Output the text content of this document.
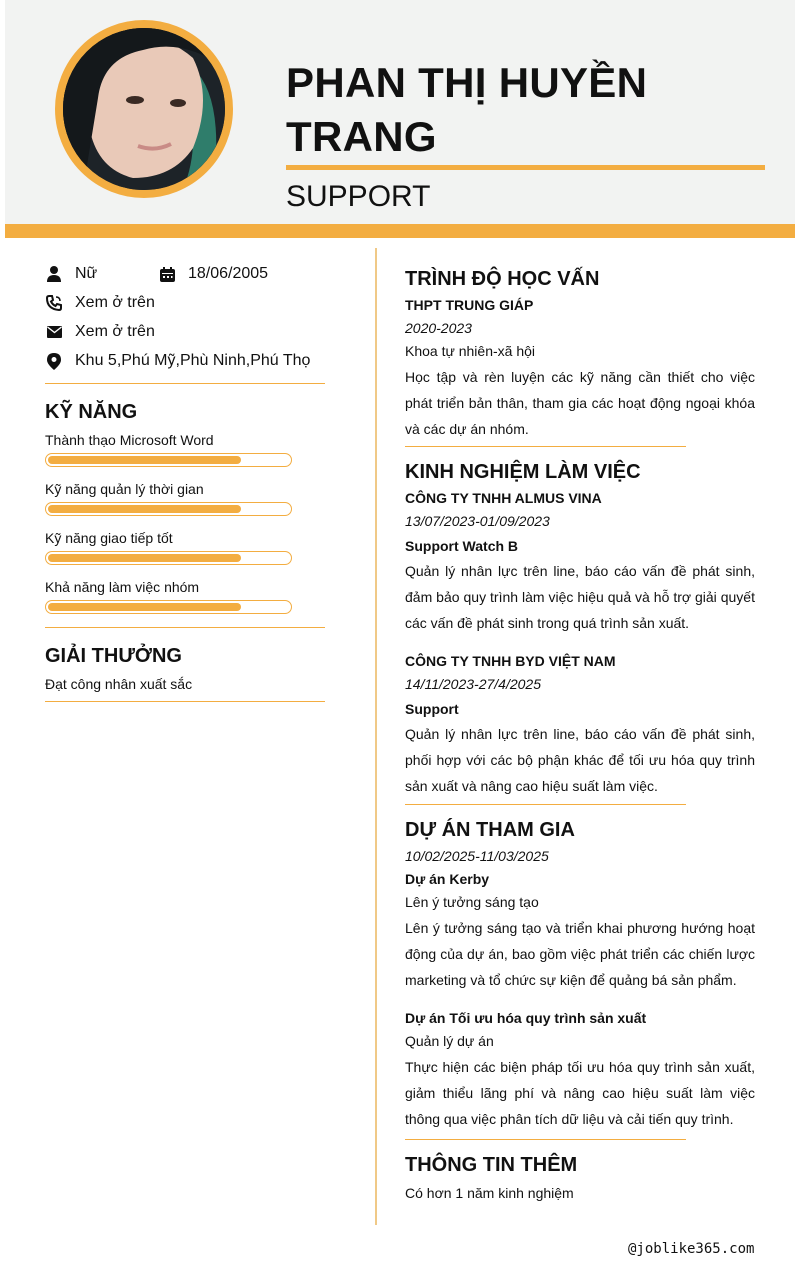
PHAN THỊ HUYỀN TRANG
SUPPORT
Nữ	18/06/2005
Xem ở trên
Xem ở trên
Khu 5,Phú Mỹ,Phù Ninh,Phú Thọ
KỸ NĂNG
Thành thạo Microsoft Word
Kỹ năng quản lý thời gian
Kỹ năng giao tiếp tốt
Khả năng làm việc nhóm
GIẢI THƯỞNG
Đạt công nhân xuất sắc
TRÌNH ĐỘ HỌC VẤN
THPT TRUNG GIÁP
2020-2023
Khoa tự nhiên-xã hội
Học tập và rèn luyện các kỹ năng cần thiết cho việc phát triển bản thân, tham gia các hoạt động ngoại khóa và các dự án nhóm.
KINH NGHIỆM LÀM VIỆC
CÔNG TY TNHH ALMUS VINA
13/07/2023-01/09/2023
Support Watch B
Quản lý nhân lực trên line, báo cáo vấn đề phát sinh, đảm bảo quy trình làm việc hiệu quả và hỗ trợ giải quyết các vấn đề phát sinh trong quá trình sản xuất.
CÔNG TY TNHH BYD VIỆT NAM
14/11/2023-27/4/2025
Support
Quản lý nhân lực trên line, báo cáo vấn đề phát sinh, phối hợp với các bộ phận khác để tối ưu hóa quy trình sản xuất và nâng cao hiệu suất làm việc.
DỰ ÁN THAM GIA
10/02/2025-11/03/2025
Dự án Kerby
Lên ý tưởng sáng tạo
Lên ý tưởng sáng tạo và triển khai phương hướng hoạt động của dự án, bao gồm việc phát triển các chiến lược marketing và tổ chức sự kiện để quảng bá sản phẩm.
Dự án Tối ưu hóa quy trình sản xuất
Quản lý dự án
Thực hiện các biện pháp tối ưu hóa quy trình sản xuất, giảm thiểu lãng phí và nâng cao hiệu suất làm việc thông qua việc phân tích dữ liệu và cải tiến quy trình.
THÔNG TIN THÊM
Có hơn 1 năm kinh nghiệm
@joblike365.com
